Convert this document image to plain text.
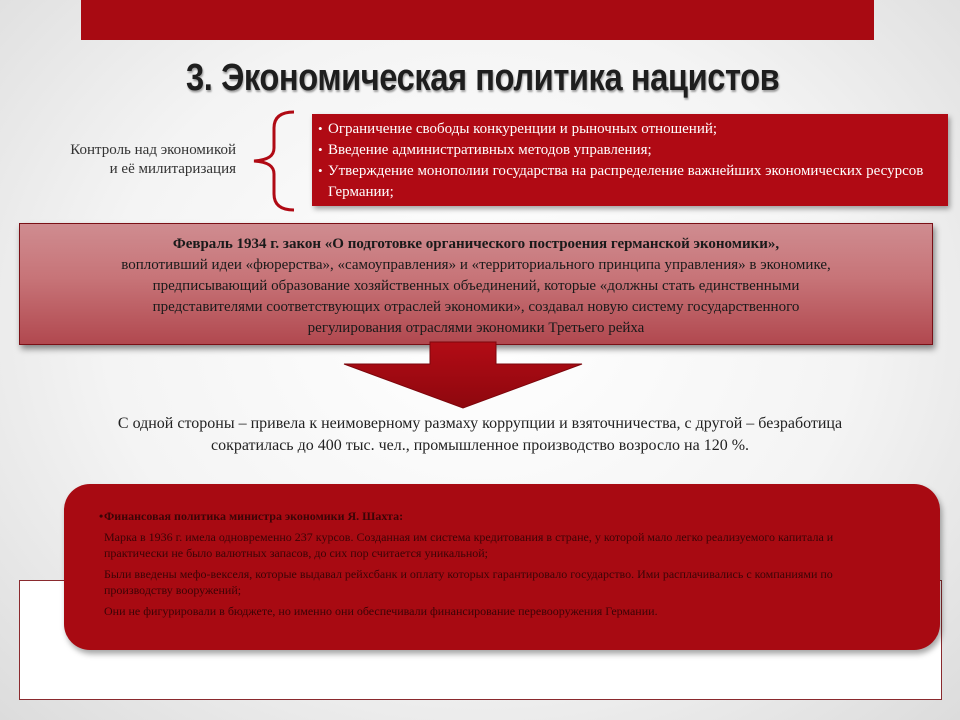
3. Экономическая политика нацистов
Контроль над экономикой
и её милитаризация
• Ограничение свободы конкуренции и рыночных отношений;
• Введение административных методов управления;
• Утверждение монополии государства на распределение важнейших экономических ресурсов Германии;
Февраль 1934 г. закон «О подготовке органического построения германской экономики»,
воплотивший идеи «фюрерства», «самоуправления» и «территориального принципа управления» в экономике,
предписывающий образование хозяйственных объединений, которые «должны стать единственными
представителями соответствующих отраслей экономики», создавал новую систему государственного
регулирования отраслями экономики Третьего рейха
С одной стороны – привела к неимоверному размаху коррупции и взяточничества, с другой – безработица
сократилась до 400 тыс. чел., промышленное производство возросло на 120 %.

• Финансовая политика министра экономики Я. Шахта:

Марка в 1936 г. имела одновременно 237 курсов. Созданная им система кредитования в стране, у которой мало легко реализуемого капитала и практически не было валютных запасов, до сих пор считается уникальной;

Были введены мефо-векселя, которые выдавал рейхсбанк и оплату которых гарантировало государство. Ими расплачивались с компаниями по производству вооружений;

Они не фигурировали в бюджете, но именно они обеспечивали финансирование перевооружения Германии.
